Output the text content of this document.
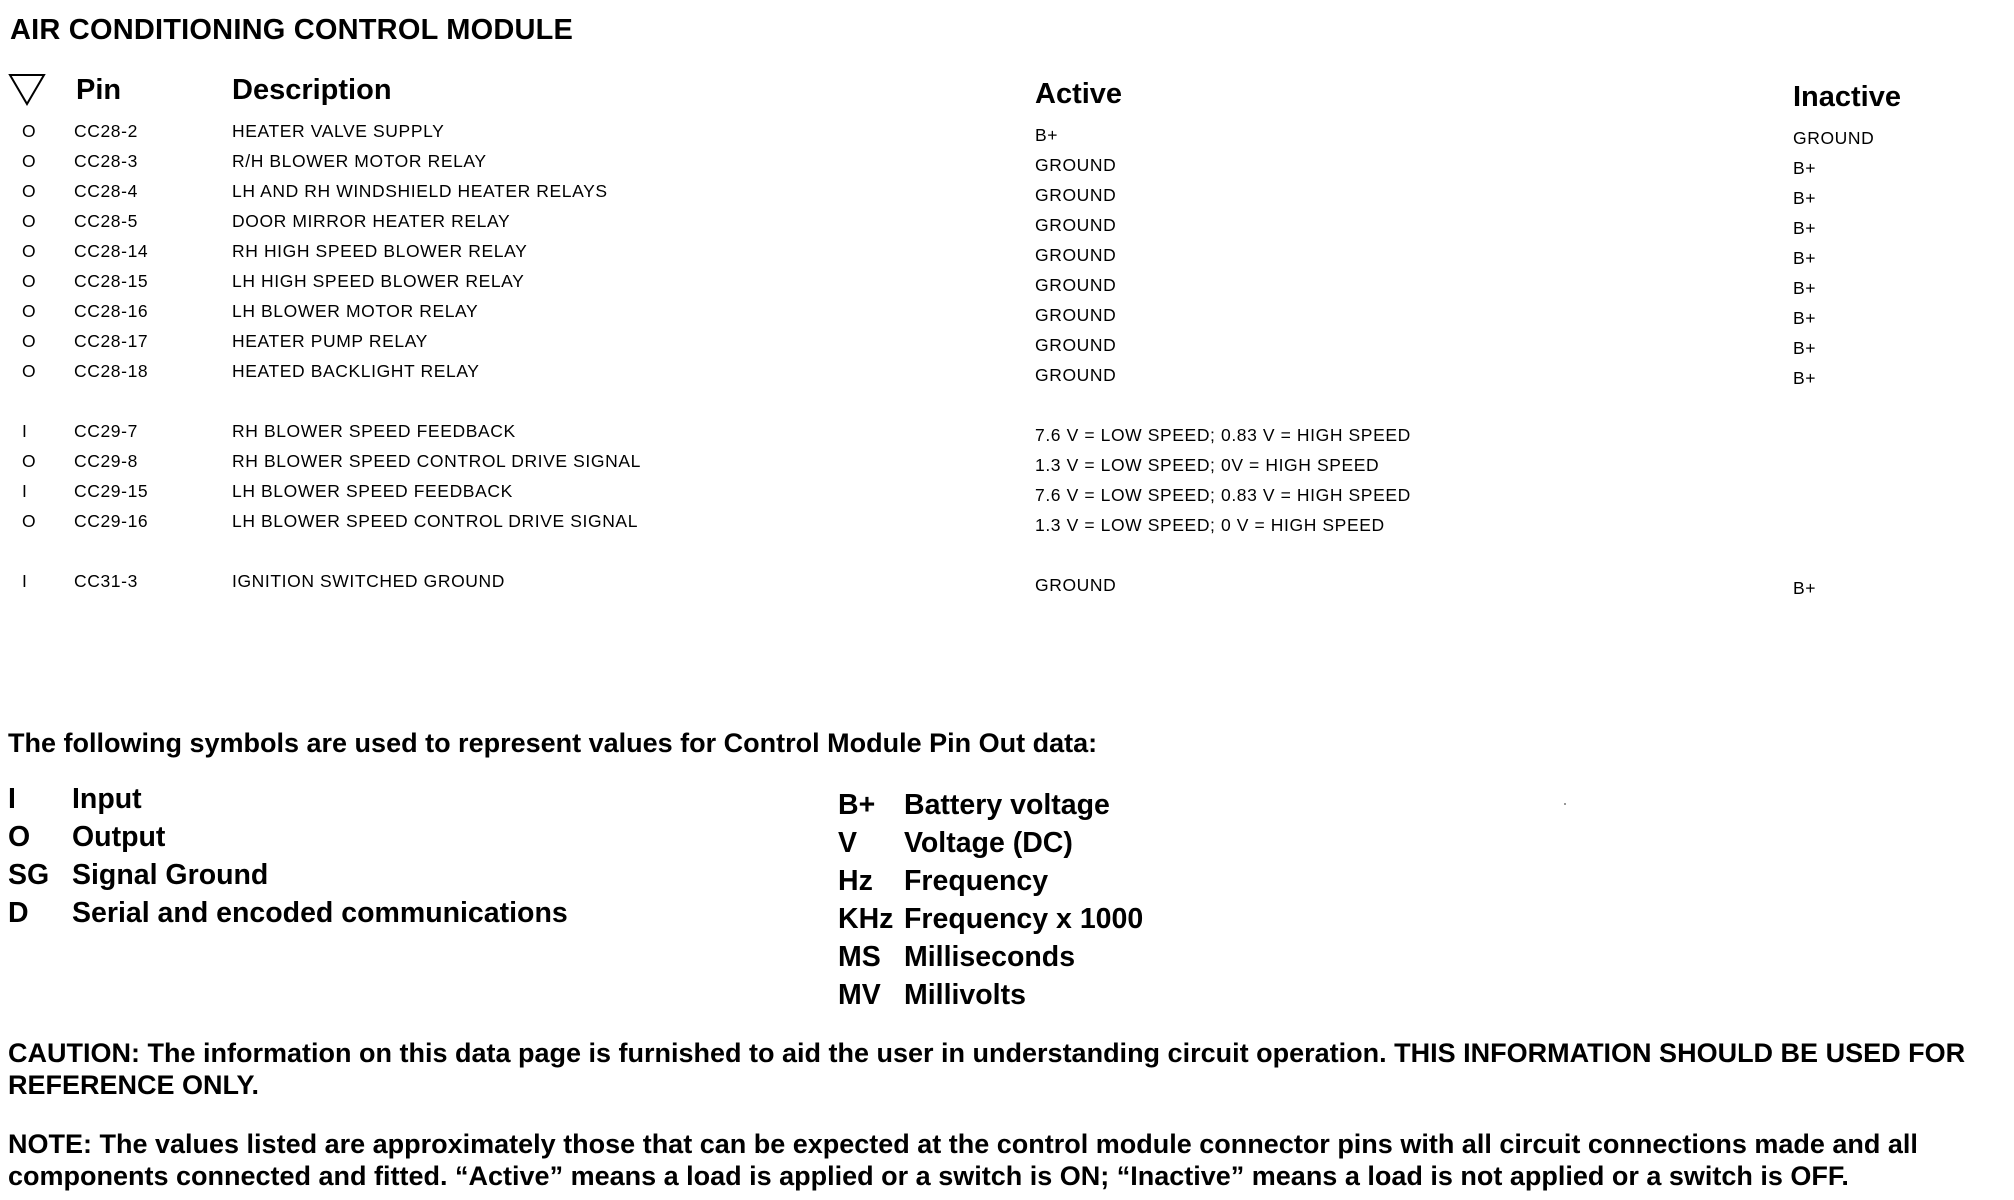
AIR CONDITIONING CONTROL MODULE
Pin	Description	Active	Inactive
O CC28-2	HEATER VALVE SUPPLY	B+	GROUND
O CC28-3	R/H BLOWER MOTOR RELAY	GROUND	B+
O CC28-4	LH AND RH WINDSHIELD HEATER RELAYS	GROUND	B+
O CC28-5	DOOR MIRROR HEATER RELAY	GROUND	B+
O CC28-14	RH HIGH SPEED BLOWER RELAY	GROUND	B+
O CC28-15	LH HIGH SPEED BLOWER RELAY	GROUND	B+
O CC28-16	LH BLOWER MOTOR RELAY	GROUND	B+
O CC28-17	HEATER PUMP RELAY	GROUND	B+
O CC28-18	HEATED BACKLIGHT RELAY	GROUND	B+
I	CC29-7	RH BLOWER SPEED FEEDBACK	7.6 V = LOW SPEED; 0.83 V = HIGH SPEED
O CC29-8	RH BLOWER SPEED CONTROL DRIVE SIGNAL	1.3 V = LOW SPEED; 0V = HIGH SPEED
I	CC29-15	LH BLOWER SPEED FEEDBACK	7.6 V = LOW SPEED; 0.83 V = HIGH SPEED
O CC29-16	LH BLOWER SPEED CONTROL DRIVE SIGNAL	1.3 V = LOW SPEED; 0 V = HIGH SPEED
I	CC31-3	IGNITION SWITCHED GROUND	GROUND	B+
The following symbols are used to represent values for Control Module Pin Out data:
I Input
O Output
SG Signal Ground
D Serial and encoded communications
B+ Battery voltage
V Voltage (DC)
Hz Frequency
KHz Frequency x 1000
MS Milliseconds
MV Millivolts
CAUTION: The information on this data page is furnished to aid the user in understanding circuit operation. THIS INFORMATION SHOULD BE USED FOR REFERENCE ONLY.
NOTE: The values listed are approximately those that can be expected at the control module connector pins with all circuit connections made and all components connected and fitted. “Active” means a load is applied or a switch is ON; “Inactive” means a load is not applied or a switch is OFF.
